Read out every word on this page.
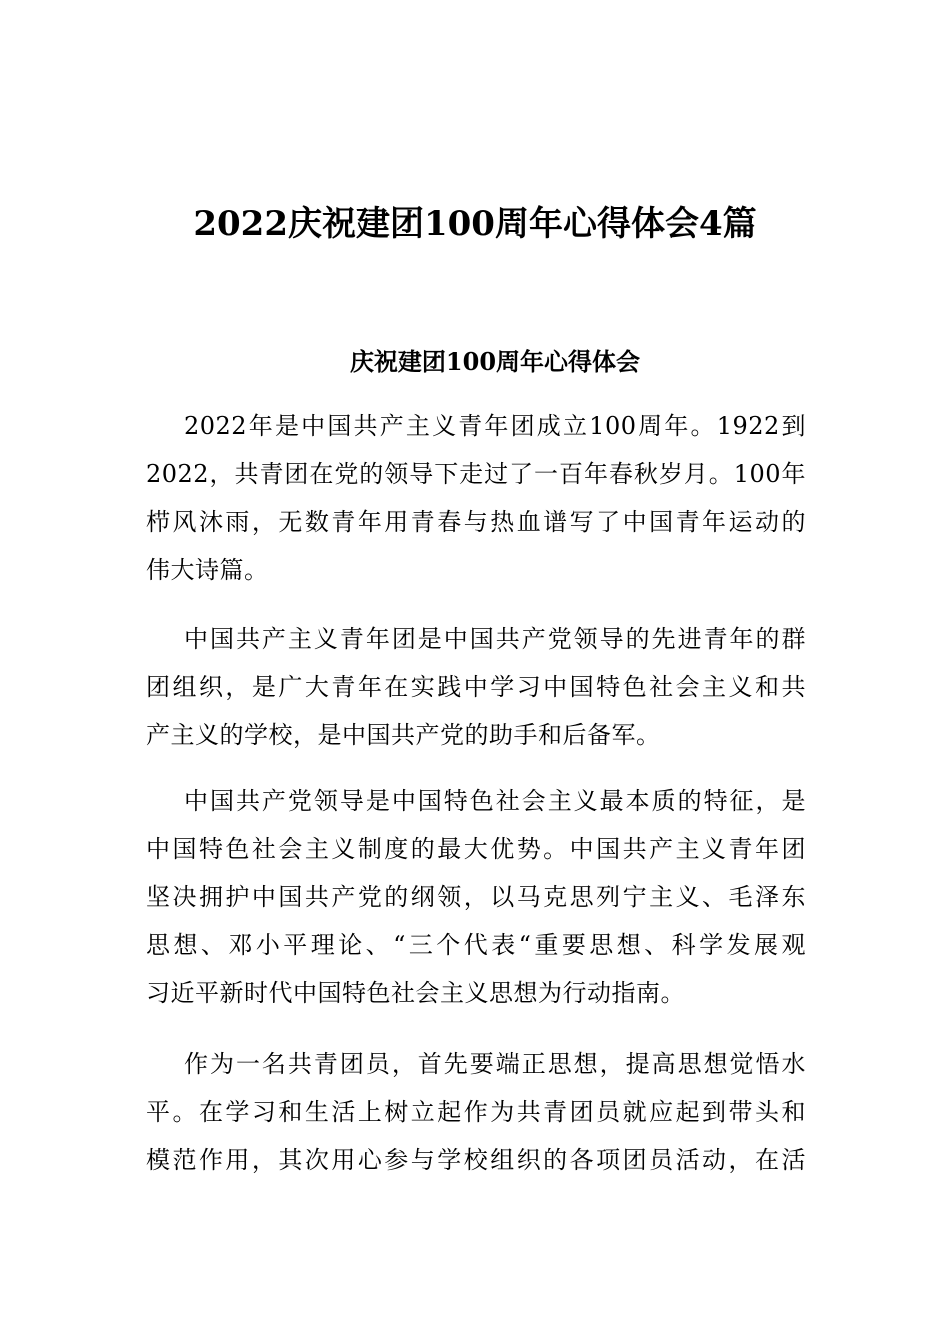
2022庆祝建团100周年心得体会4篇
庆祝建团100周年心得体会
2022年是中国共产主义青年团成立100周年。1922到
2022，共青团在党的领导下走过了一百年春秋岁月。100年
栉风沐雨，无数青年用青春与热血谱写了中国青年运动的
伟大诗篇。
中国共产主义青年团是中国共产党领导的先进青年的群
团组织，是广大青年在实践中学习中国特色社会主义和共
产主义的学校，是中国共产党的助手和后备军。
中国共产党领导是中国特色社会主义最本质的特征，是
中国特色社会主义制度的最大优势。中国共产主义青年团
坚决拥护中国共产党的纲领，以马克思列宁主义、毛泽东
思想、邓小平理论、“三个代表“重要思想、科学发展观
习近平新时代中国特色社会主义思想为行动指南。
作为一名共青团员，首先要端正思想，提高思想觉悟水
平。在学习和生活上树立起作为共青团员就应起到带头和
模范作用，其次用心参与学校组织的各项团员活动，在活
